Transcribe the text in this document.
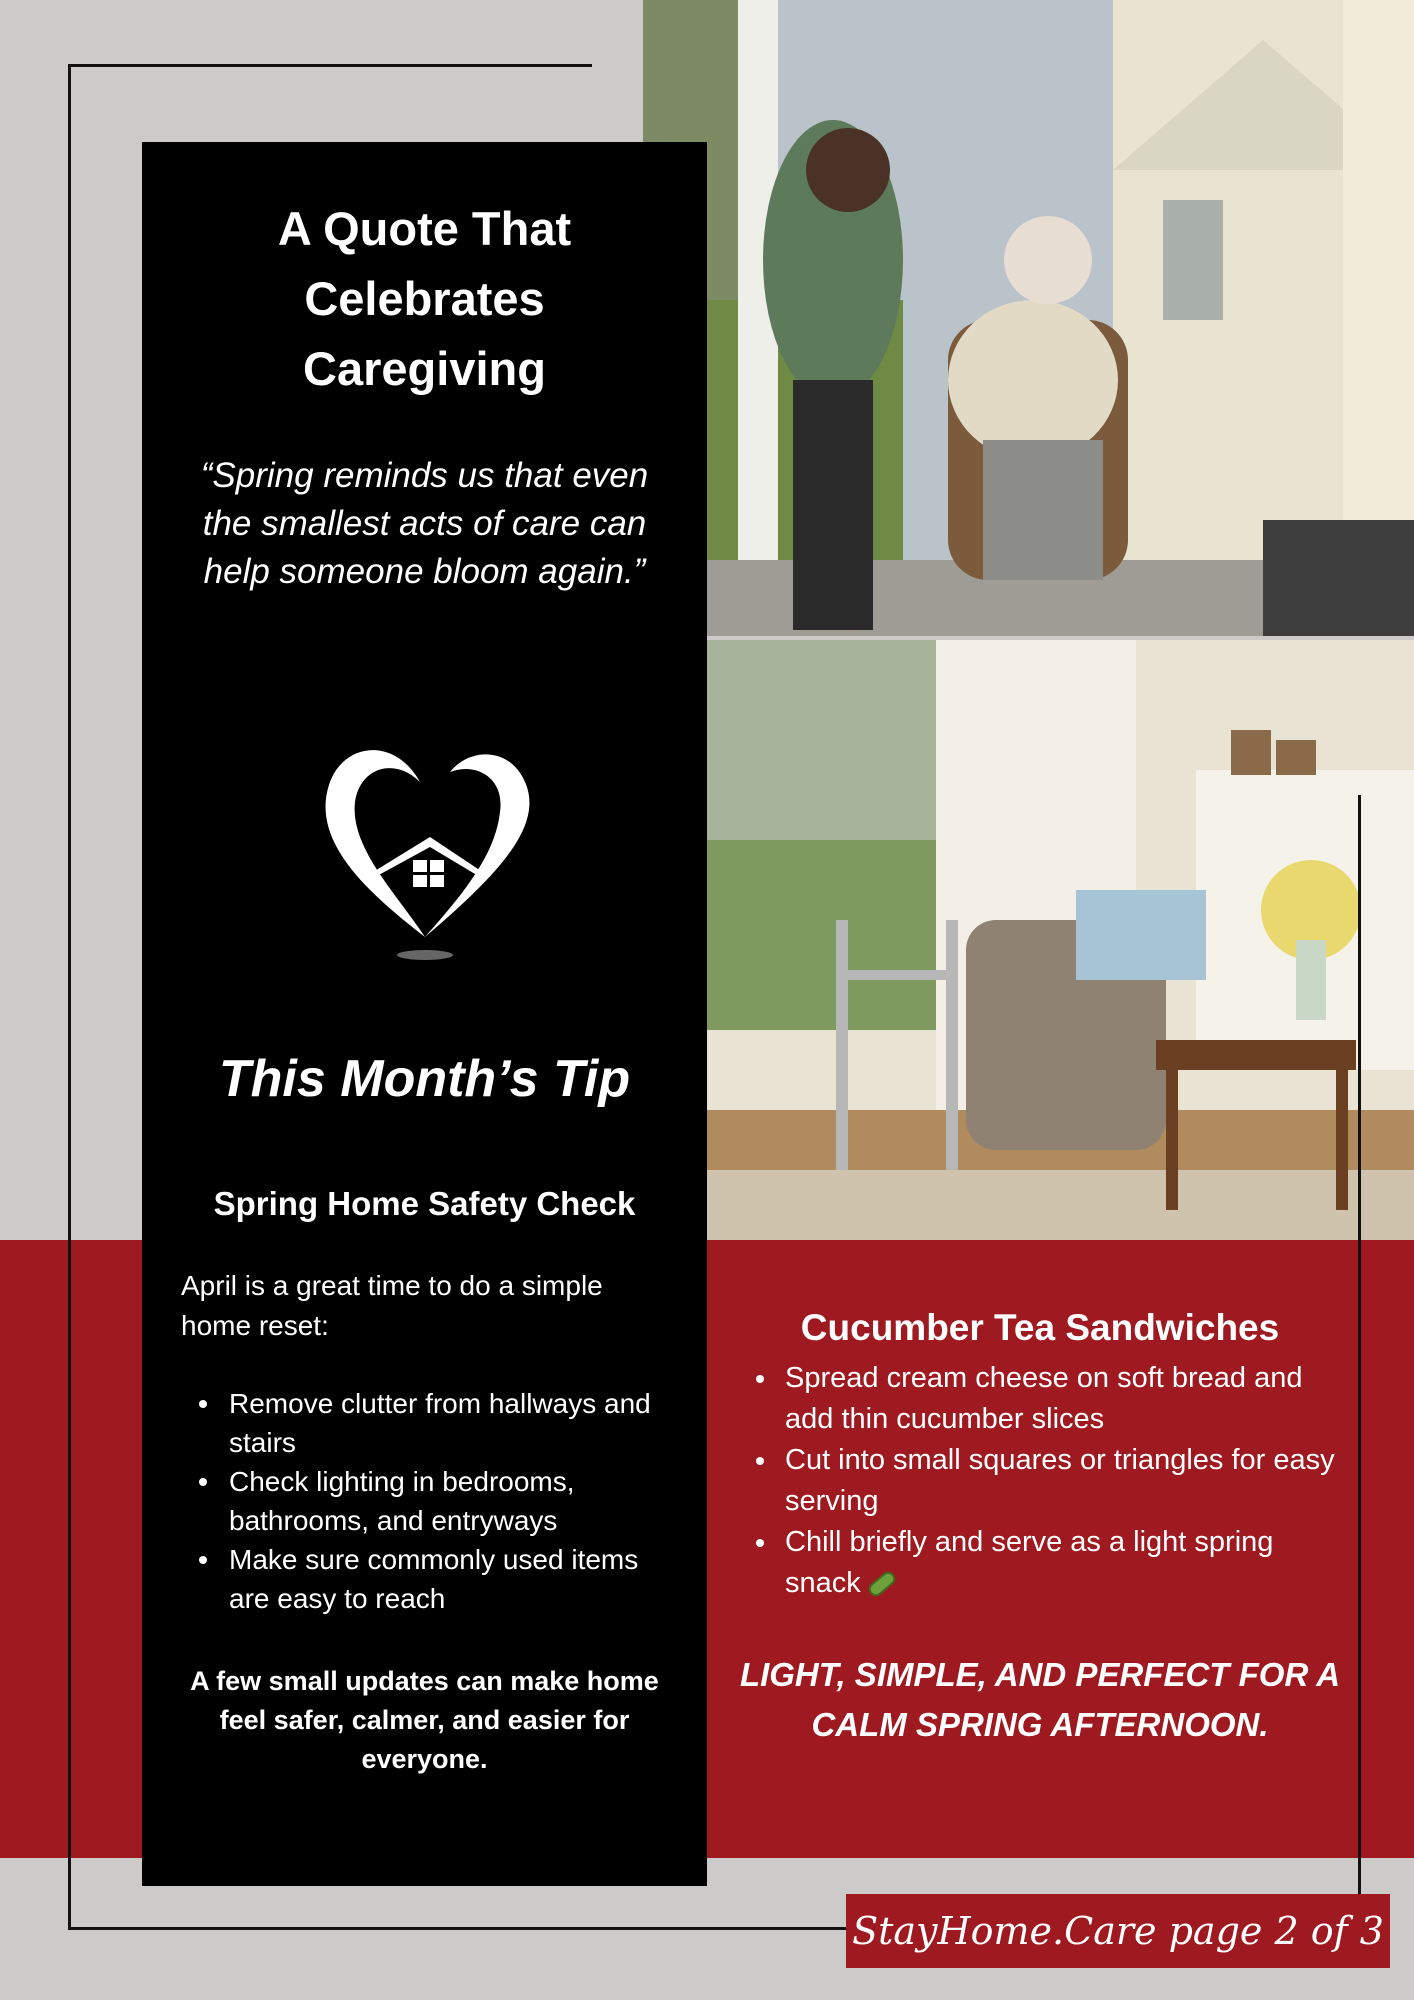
A Quote That Celebrates Caregiving
“Spring reminds us that even the smallest acts of care can help someone bloom again.”
This Month’s Tip
Spring Home Safety Check
April is a great time to do a simple home reset:
Remove clutter from hallways and stairs
Check lighting in bedrooms, bathrooms, and entryways
Make sure commonly used items are easy to reach
A few small updates can make home feel safer, calmer, and easier for everyone.
Cucumber Tea Sandwiches
Spread cream cheese on soft bread and add thin cucumber slices
Cut into small squares or triangles for easy serving
Chill briefly and serve as a light spring snack
LIGHT, SIMPLE, AND PERFECT FOR A CALM SPRING AFTERNOON.
StayHome.Care page 2 of 3
